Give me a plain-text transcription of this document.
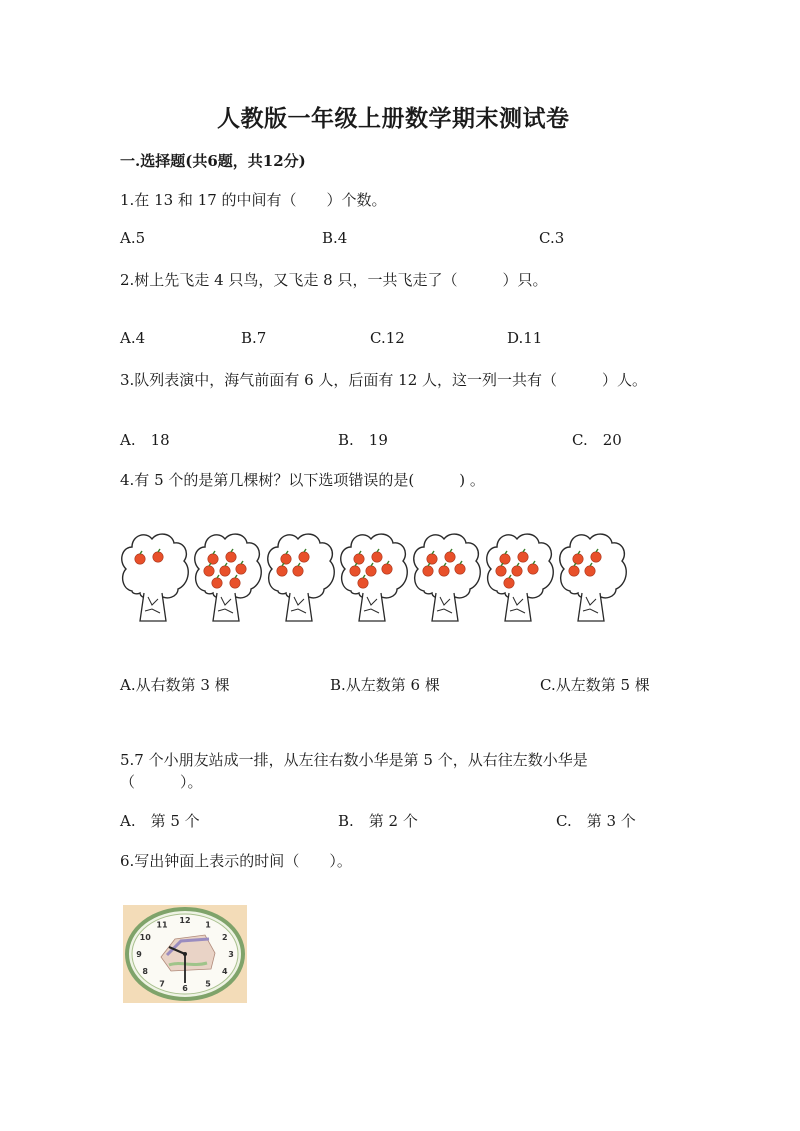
人教版一年级上册数学期末测试卷
一.选择题(共6题，共12分)
1.在 13 和 17 的中间有（　　）个数。
A.5	B.4	C.3
2.树上先飞走 4 只鸟，又飞走 8 只，一共飞走了（　　　）只。
A.4	B.7	C.12	D.11
3.队列表演中，海气前面有 6 人，后面有 12 人，这一列一共有（　　　）人。
A.　18	B.　19	C.　20
4.有 5 个的是第几棵树？以下选项错误的是(　　　) 。
A.从右数第 3 棵	B.从左数第 6 棵	C.从左数第 5 棵
5.7 个小朋友站成一排，从左往右数小华是第 5 个，从右往左数小华是
（　　　）。
A.　第 5 个	B.　第 2 个	C.　第 3 个
6.写出钟面上表示的时间（　　）。
12
1
2
3
4
5
6
7
8
9
10
11
